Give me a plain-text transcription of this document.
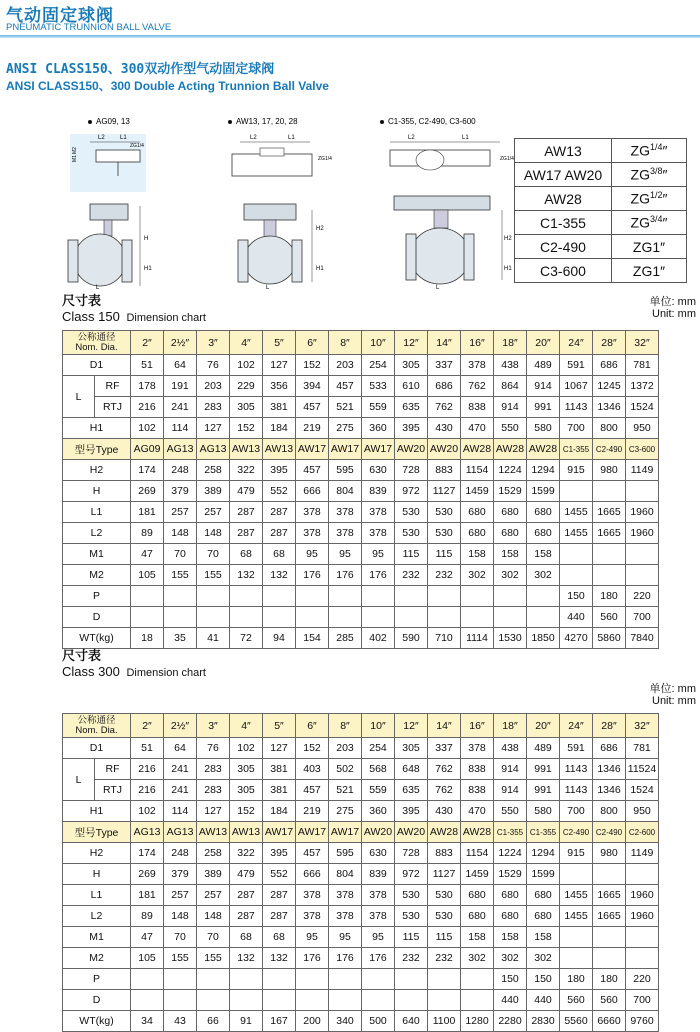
气动固定球阀
PNEUMATIC TRUNNION BALL VALVE
ANSI CLASS150、300双动作型气动固定球阀
ANSI CLASS150、300 Double Acting Trunnion Ball Valve
AG09, 13
L2	L1
ZG1/4
M1
M2
H
H1
L
AW13, 17, 20, 28
L2	L1
ZG1/4
H2
H1
L
C1-355, C2-490, C3-600
L2	L1
ZG1/4
H2
H1
L
AW13	$ZG^{1/4}''$
AW17 AW20	$ZG^{3/8}''$
AW28	$ZG^{1/2}''$
C1-355	$ZG^{3/4}''$
C2-490	ZG1″
C3-600	ZG1″
尺寸表
Class 150 Dimension chart
单位: mm
Unit: mm
公称通径
Nom. Dia.		2″	2½″	3″	4″	5″	6″	8″	10″	12″	14″	16″	18″	20″	24″	28″	32″
D1		51	64	76	102	127	152	203	254	305	337	378	438	489	591	686	781
L	RF	178	191	203	229	356	394	457	533	610	686	762	864	914	1067	1245	1372
	RTJ	216	241	283	305	381	457	521	559	635	762	838	914	991	1143	1346	1524
H1		102	114	127	152	184	219	275	360	395	430	470	550	580	700	800	950
型号Type		AG09	AG13	AG13	AW13	AW13	AW17	AW17	AW17	AW20	AW20	AW28	AW28	AW28	C1-355	C2-490	C3-600
H2		174	248	258	322	395	457	595	630	728	883	1154	1224	1294	915	980	1149
H		269	379	389	479	552	666	804	839	972	1127	1459	1529	1599			
L1		181	257	257	287	287	378	378	378	530	530	680	680	680	1455	1665	1960
L2		89	148	148	287	287	378	378	378	530	530	680	680	680	1455	1665	1960
M1		47	70	70	68	68	95	95	95	115	115	158	158	158			
M2		105	155	155	132	132	176	176	176	232	232	302	302	302			
P															150	180	220
D															440	560	700
WT(kg)		18	35	41	72	94	154	285	402	590	710	1114	1530	1850	4270	5860	7840
尺寸表
Class 300 Dimension chart
单位: mm
Unit: mm
公称通径
Nom. Dia.		2″	2½″	3″	4″	5″	6″	8″	10″	12″	14″	16″	18″	20″	24″	28″	32″
D1		51	64	76	102	127	152	203	254	305	337	378	438	489	591	686	781
L	RF	216	241	283	305	381	403	502	568	648	762	838	914	991	1143	1346	11524
	RTJ	216	241	283	305	381	457	521	559	635	762	838	914	991	1143	1346	1524
H1		102	114	127	152	184	219	275	360	395	430	470	550	580	700	800	950
型号Type		AG13	AG13	AW13	AW13	AW17	AW17	AW17	AW20	AW20	AW28	AW28	C1-355	C1-355	C2-490	C2-490	C2-600
H2		174	248	258	322	395	457	595	630	728	883	1154	1224	1294	915	980	1149
H		269	379	389	479	552	666	804	839	972	1127	1459	1529	1599			
L1		181	257	257	287	287	378	378	378	530	530	680	680	680	1455	1665	1960
L2		89	148	148	287	287	378	378	378	530	530	680	680	680	1455	1665	1960
M1		47	70	70	68	68	95	95	95	115	115	158	158	158			
M2		105	155	155	132	132	176	176	176	232	232	302	302	302			
P													150	150	180	180	220
D													440	440	560	560	700
WT(kg)		34	43	66	91	167	200	340	500	640	1100	1280	2280	2830	5560	6660	9760
